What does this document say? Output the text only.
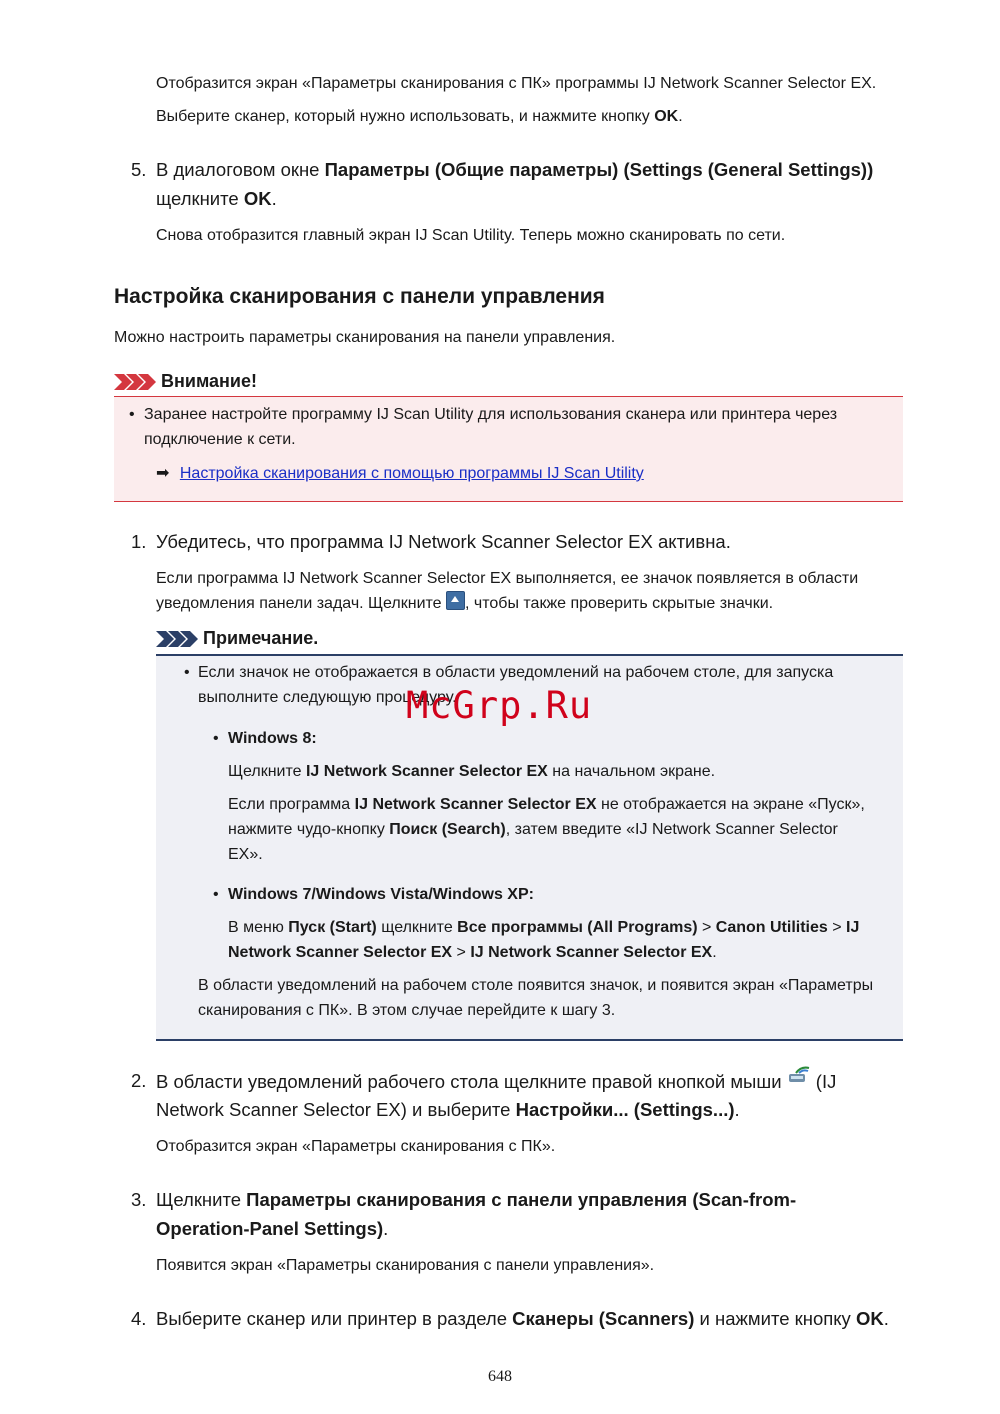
Отобразится экран «Параметры сканирования с ПК» программы IJ Network Scanner Selector EX.
Выберите сканер, который нужно использовать, и нажмите кнопку OK.
5. В диалоговом окне Параметры (Общие параметры) (Settings (General Settings))
щелкните OK.
Снова отобразится главный экран IJ Scan Utility. Теперь можно сканировать по сети.
Настройка сканирования с панели управления
Можно настроить параметры сканирования на панели управления.
Внимание!
• Заранее настройте программу IJ Scan Utility для использования сканера или принтера через
подключение к сети.
➡ Настройка сканирования с помощью программы IJ Scan Utility
1. Убедитесь, что программа IJ Network Scanner Selector EX активна.
Если программа IJ Network Scanner Selector EX выполняется, ее значок появляется в области
уведомления панели задач. Щелкните , чтобы также проверить скрытые значки.
Примечание.
• Если значок не отображается в области уведомлений на рабочем столе, для запуска
выполните следующую процедуру.
• Windows 8:
Щелкните IJ Network Scanner Selector EX на начальном экране.
Если программа IJ Network Scanner Selector EX не отображается на экране «Пуск»,
нажмите чудо-кнопку Поиск (Search), затем введите «IJ Network Scanner Selector
EX».
• Windows 7/Windows Vista/Windows XP:
В меню Пуск (Start) щелкните Все программы (All Programs) > Canon Utilities > IJ
Network Scanner Selector EX > IJ Network Scanner Selector EX.
В области уведомлений на рабочем столе появится значок, и появится экран «Параметры
сканирования с ПК». В этом случае перейдите к шагу 3.
2. В области уведомлений рабочего стола щелкните правой кнопкой мыши  (IJ
Network Scanner Selector EX) и выберите Настройки... (Settings...).
Отобразится экран «Параметры сканирования с ПК».
3. Щелкните Параметры сканирования с панели управления (Scan-from-
Operation-Panel Settings).
Появится экран «Параметры сканирования с панели управления».
4. Выберите сканер или принтер в разделе Сканеры (Scanners) и нажмите кнопку OK.
McGrp.Ru
648
